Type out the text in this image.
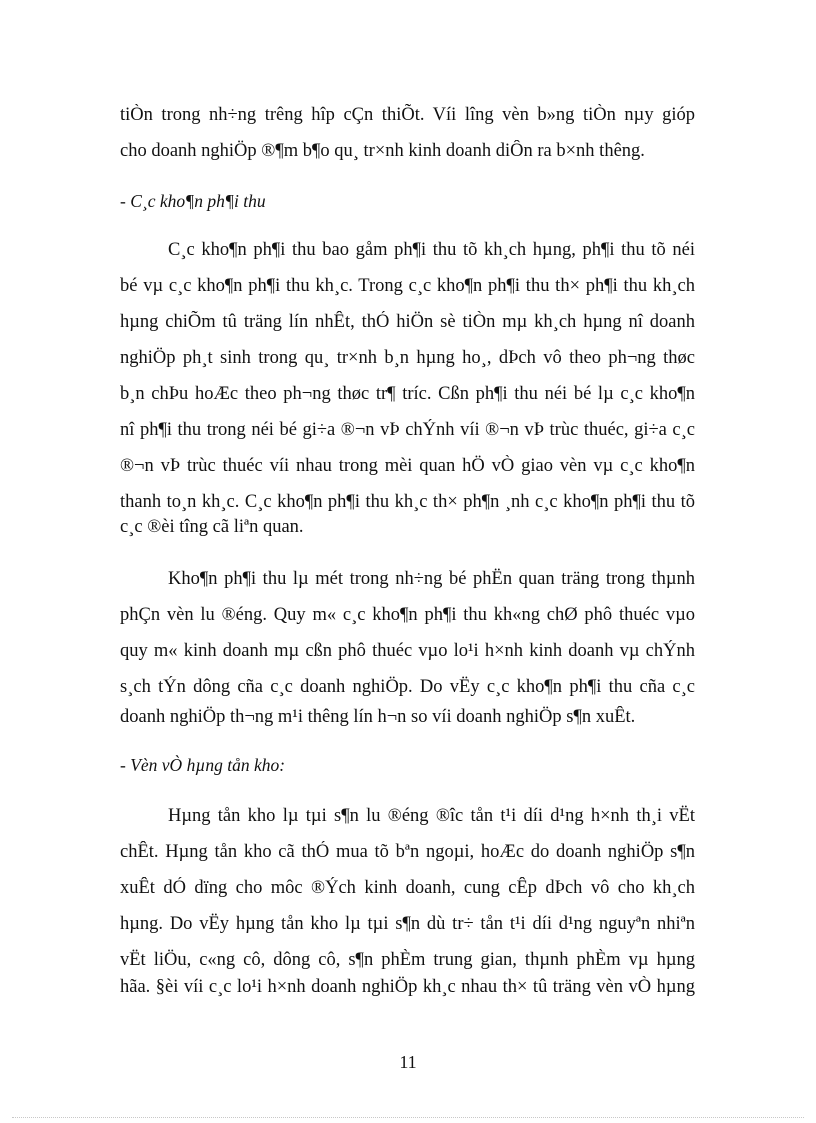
tiÒn trong nh÷ng trêng hîp cÇn thiÕt. Víi lîng vèn b»ng tiÒn nµy gióp
cho doanh nghiÖp ®¶m b¶o qu¸ tr×nh kinh doanh diÔn ra b×nh thêng.
- C¸c kho¶n ph¶i thu
C¸c kho¶n ph¶i thu bao gåm ph¶i thu tõ kh¸ch hµng, ph¶i thu tõ néi
bé vµ c¸c kho¶n ph¶i thu kh¸c. Trong c¸c kho¶n ph¶i thu th× ph¶i thu kh¸ch
hµng chiÕm tû träng lín nhÊt, thÓ hiÖn sè tiÒn mµ kh¸ch hµng nî doanh
nghiÖp ph¸t sinh trong qu¸ tr×nh b¸n hµng ho¸, dÞch vô theo ph¬ng thøc
b¸n chÞu hoÆc theo ph¬ng thøc tr¶ tríc. Cßn ph¶i thu néi bé lµ c¸c kho¶n
nî ph¶i thu trong néi bé gi÷a ®¬n vÞ chÝnh víi ®¬n vÞ trùc thuéc, gi÷a c¸c
®¬n vÞ trùc thuéc víi nhau trong mèi quan hÖ vÒ giao vèn vµ c¸c kho¶n
thanh to¸n kh¸c. C¸c kho¶n ph¶i thu kh¸c th× ph¶n ¸nh c¸c kho¶n ph¶i thu tõ
c¸c ®èi tîng cã liªn quan.
Kho¶n ph¶i thu lµ mét trong nh÷ng bé phËn quan träng trong thµnh
phÇn vèn lu ®éng. Quy m« c¸c kho¶n ph¶i thu kh«ng chØ phô thuéc vµo
quy m« kinh doanh mµ cßn phô thuéc vµo lo¹i h×nh kinh doanh vµ chÝnh
s¸ch tÝn dông cña c¸c doanh nghiÖp. Do vËy c¸c kho¶n ph¶i thu cña c¸c
doanh nghiÖp th¬ng m¹i thêng lín h¬n so víi doanh nghiÖp s¶n xuÊt.
- Vèn vÒ hµng tån kho:
Hµng tån kho lµ tµi s¶n lu ®éng ®îc tån t¹i díi d¹ng h×nh th¸i vËt
chÊt. Hµng tån kho cã thÓ mua tõ bªn ngoµi, hoÆc do doanh nghiÖp s¶n
xuÊt dÓ dïng cho môc ®Ých kinh doanh, cung cÊp dÞch vô cho kh¸ch
hµng. Do vËy hµng tån kho lµ tµi s¶n dù tr÷ tån t¹i díi d¹ng nguyªn nhiªn
vËt liÖu, c«ng cô, dông cô, s¶n phÈm trung gian, thµnh phÈm vµ hµng
hãa. §èi víi c¸c lo¹i h×nh doanh nghiÖp kh¸c nhau th× tû träng vèn vÒ hµng
11
